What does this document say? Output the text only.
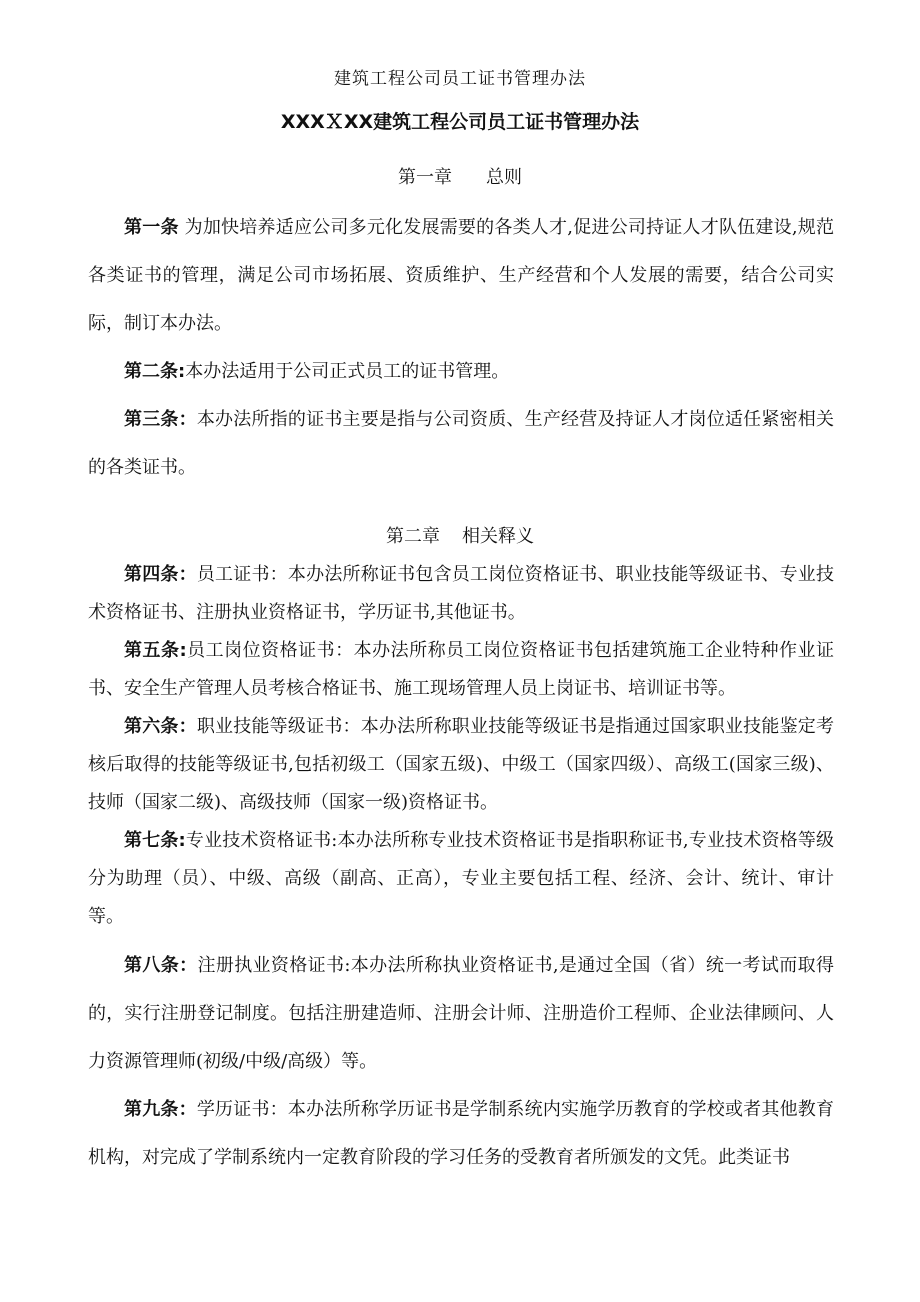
建筑工程公司员工证书管理办法
XXXＸXX建筑工程公司员工证书管理办法
第一章 总则
第一条 为加快培养适应公司多元化发展需要的各类人才,促进公司持证人才队伍建设,规范各类证书的管理，满足公司市场拓展、资质维护、生产经营和个人发展的需要，结合公司实际，制订本办法。
第二条:本办法适用于公司正式员工的证书管理。
第三条：本办法所指的证书主要是指与公司资质、生产经营及持证人才岗位适任紧密相关的各类证书。
第二章 相关释义
第四条：员工证书：本办法所称证书包含员工岗位资格证书、职业技能等级证书、专业技术资格证书、注册执业资格证书，学历证书,其他证书。
第五条:员工岗位资格证书：本办法所称员工岗位资格证书包括建筑施工企业特种作业证书、安全生产管理人员考核合格证书、施工现场管理人员上岗证书、培训证书等。
第六条：职业技能等级证书：本办法所称职业技能等级证书是指通过国家职业技能鉴定考核后取得的技能等级证书,包括初级工（国家五级)、中级工（国家四级）、高级工(国家三级)、技师（国家二级)、高级技师（国家一级)资格证书。
第七条:专业技术资格证书:本办法所称专业技术资格证书是指职称证书,专业技术资格等级分为助理（员）、中级、高级（副高、正高），专业主要包括工程、经济、会计、统计、审计等。
第八条：注册执业资格证书:本办法所称执业资格证书,是通过全国（省）统一考试而取得的，实行注册登记制度。包括注册建造师、注册会计师、注册造价工程师、企业法律顾问、人力资源管理师(初级/中级/高级）等。
第九条：学历证书：本办法所称学历证书是学制系统内实施学历教育的学校或者其他教育机构，对完成了学制系统内一定教育阶段的学习任务的受教育者所颁发的文凭。此类证书
